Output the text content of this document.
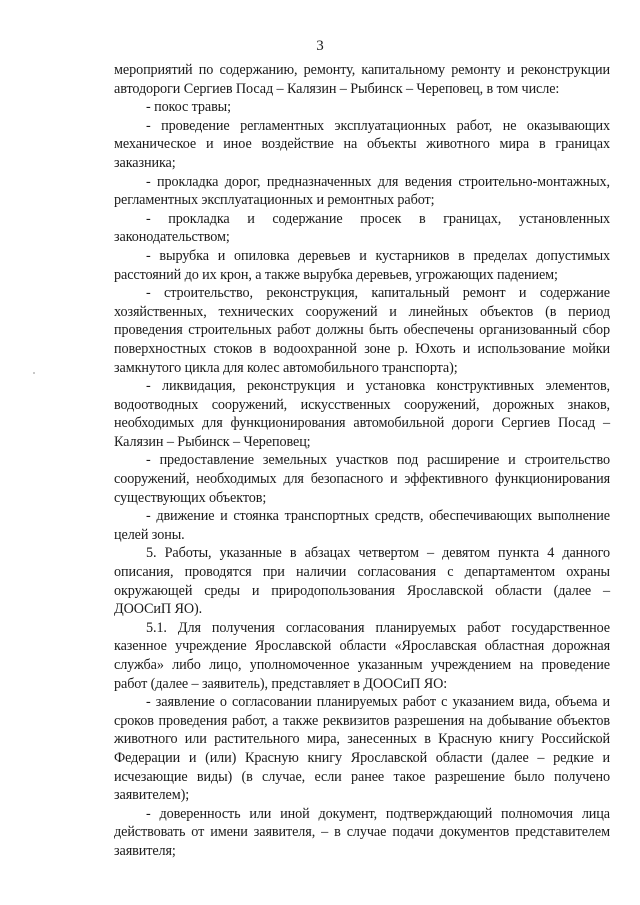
3

мероприятий по содержанию, ремонту, капитальному ремонту и реконструкции автодороги Сергиев Посад – Калязин – Рыбинск – Череповец, в том числе:

- покос травы;

- проведение регламентных эксплуатационных работ, не оказывающих механическое и иное воздействие на объекты животного мира в границах заказника;

- прокладка дорог, предназначенных для ведения строительно-монтажных, регламентных эксплуатационных и ремонтных работ;

- прокладка и содержание просек в границах, установленных законодательством;

- вырубка и опиловка деревьев и кустарников в пределах допустимых расстояний до их крон, а также вырубка деревьев, угрожающих падением;

- строительство, реконструкция, капитальный ремонт и содержание хозяйственных, технических сооружений и линейных объектов (в период проведения строительных работ должны быть обеспечены организованный сбор поверхностных стоков в водоохранной зоне р. Юхоть и использование мойки замкнутого цикла для колес автомобильного транспорта);

- ликвидация, реконструкция и установка конструктивных элементов, водоотводных сооружений, искусственных сооружений, дорожных знаков, необходимых для функционирования автомобильной дороги Сергиев Посад – Калязин – Рыбинск – Череповец;

- предоставление земельных участков под расширение и строительство сооружений, необходимых для безопасного и эффективного функционирования существующих объектов;

- движение и стоянка транспортных средств, обеспечивающих выполнение целей зоны.

5. Работы, указанные в абзацах четвертом – девятом пункта 4 данного описания, проводятся при наличии согласования с департаментом охраны окружающей среды и природопользования Ярославской области (далее – ДООСиП ЯО).

5.1. Для получения согласования планируемых работ государственное казенное учреждение Ярославской области «Ярославская областная дорожная служба» либо лицо, уполномоченное указанным учреждением на проведение работ (далее – заявитель), представляет в ДООСиП ЯО:

- заявление о согласовании планируемых работ с указанием вида, объема и сроков проведения работ, а также реквизитов разрешения на добывание объектов животного или растительного мира, занесенных в Красную книгу Российской Федерации и (или) Красную книгу Ярославской области (далее – редкие и исчезающие виды) (в случае, если ранее такое разрешение было получено заявителем);

- доверенность или иной документ, подтверждающий полномочия лица действовать от имени заявителя, – в случае подачи документов представителем заявителя;
